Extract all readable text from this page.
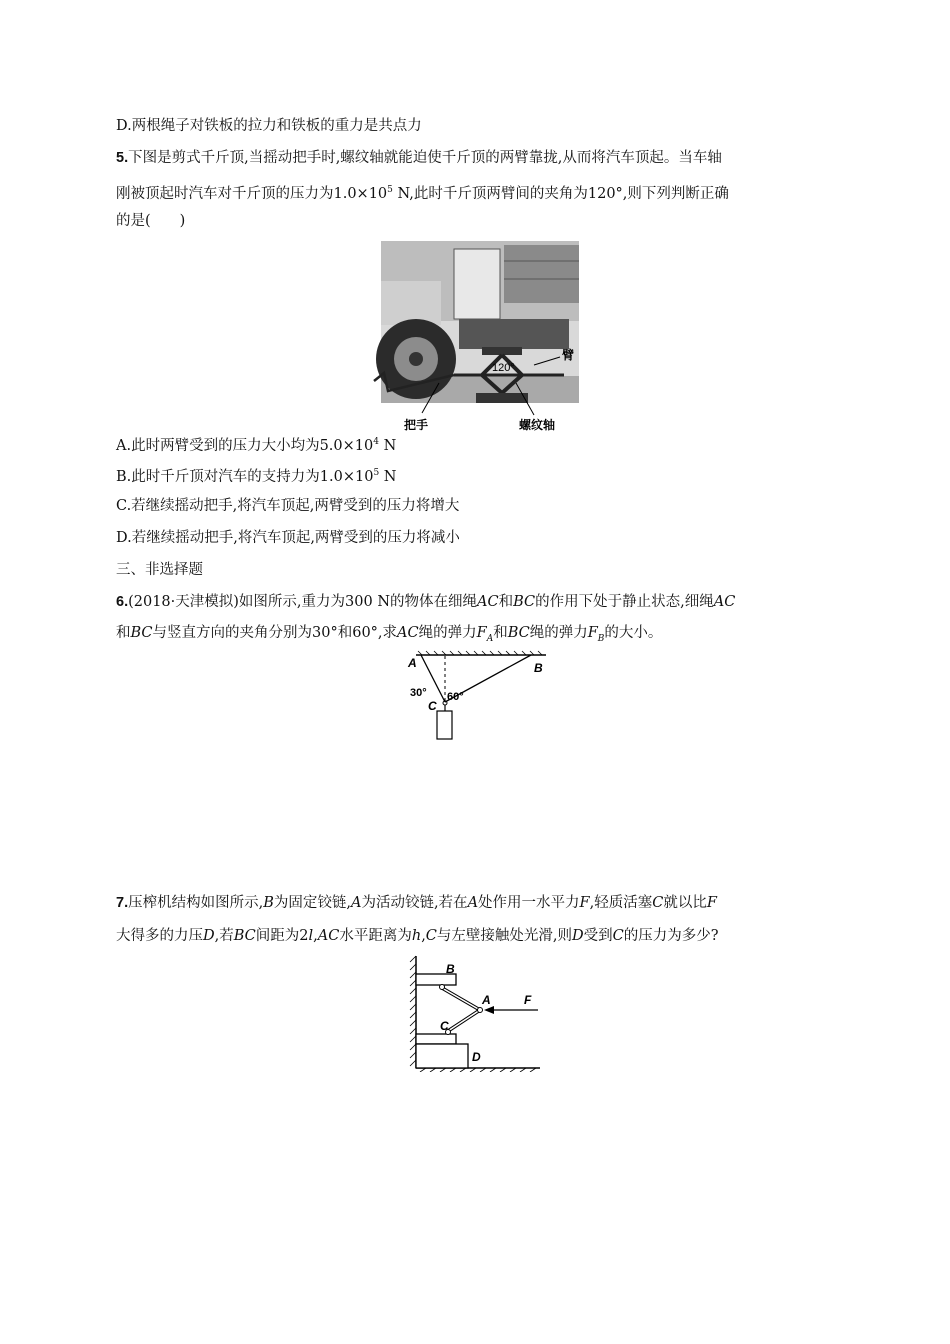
D.两根绳子对铁板的拉力和铁板的重力是共点力
5.下图是剪式千斤顶,当摇动把手时,螺纹轴就能迫使千斤顶的两臂靠拢,从而将汽车顶起。当车轴
刚被顶起时汽车对千斤顶的压力为$1.0\times 10^5$ N,此时千斤顶两臂间的夹角为120°,则下列判断正确
的是(　　)
120°
臂
把手	螺纹轴
A.此时两臂受到的压力大小均为$5.0\times 10^4$ N
B.此时千斤顶对汽车的支持力为$1.0\times 10^5$ N
C.若继续摇动把手,将汽车顶起,两臂受到的压力将增大
D.若继续摇动把手,将汽车顶起,两臂受到的压力将减小
三、非选择题
6.(2018·天津模拟)如图所示,重力为300 N的物体在细绳AC和BC的作用下处于静止状态,细绳AC
和BC与竖直方向的夹角分别为30°和60°,求AC绳的弹力$F_A$和BC绳的弹力$F_B$的大小。
A	B
C
30° 60°
7.压榨机结构如图所示,B为固定铰链,A为活动铰链,若在A处作用一水平力F,轻质活塞C就以比F
大得多的力压D,若BC间距为2l,AC水平距离为h,C与左壁接触处光滑,则D受到C的压力为多少?
B
A
C
D
F
